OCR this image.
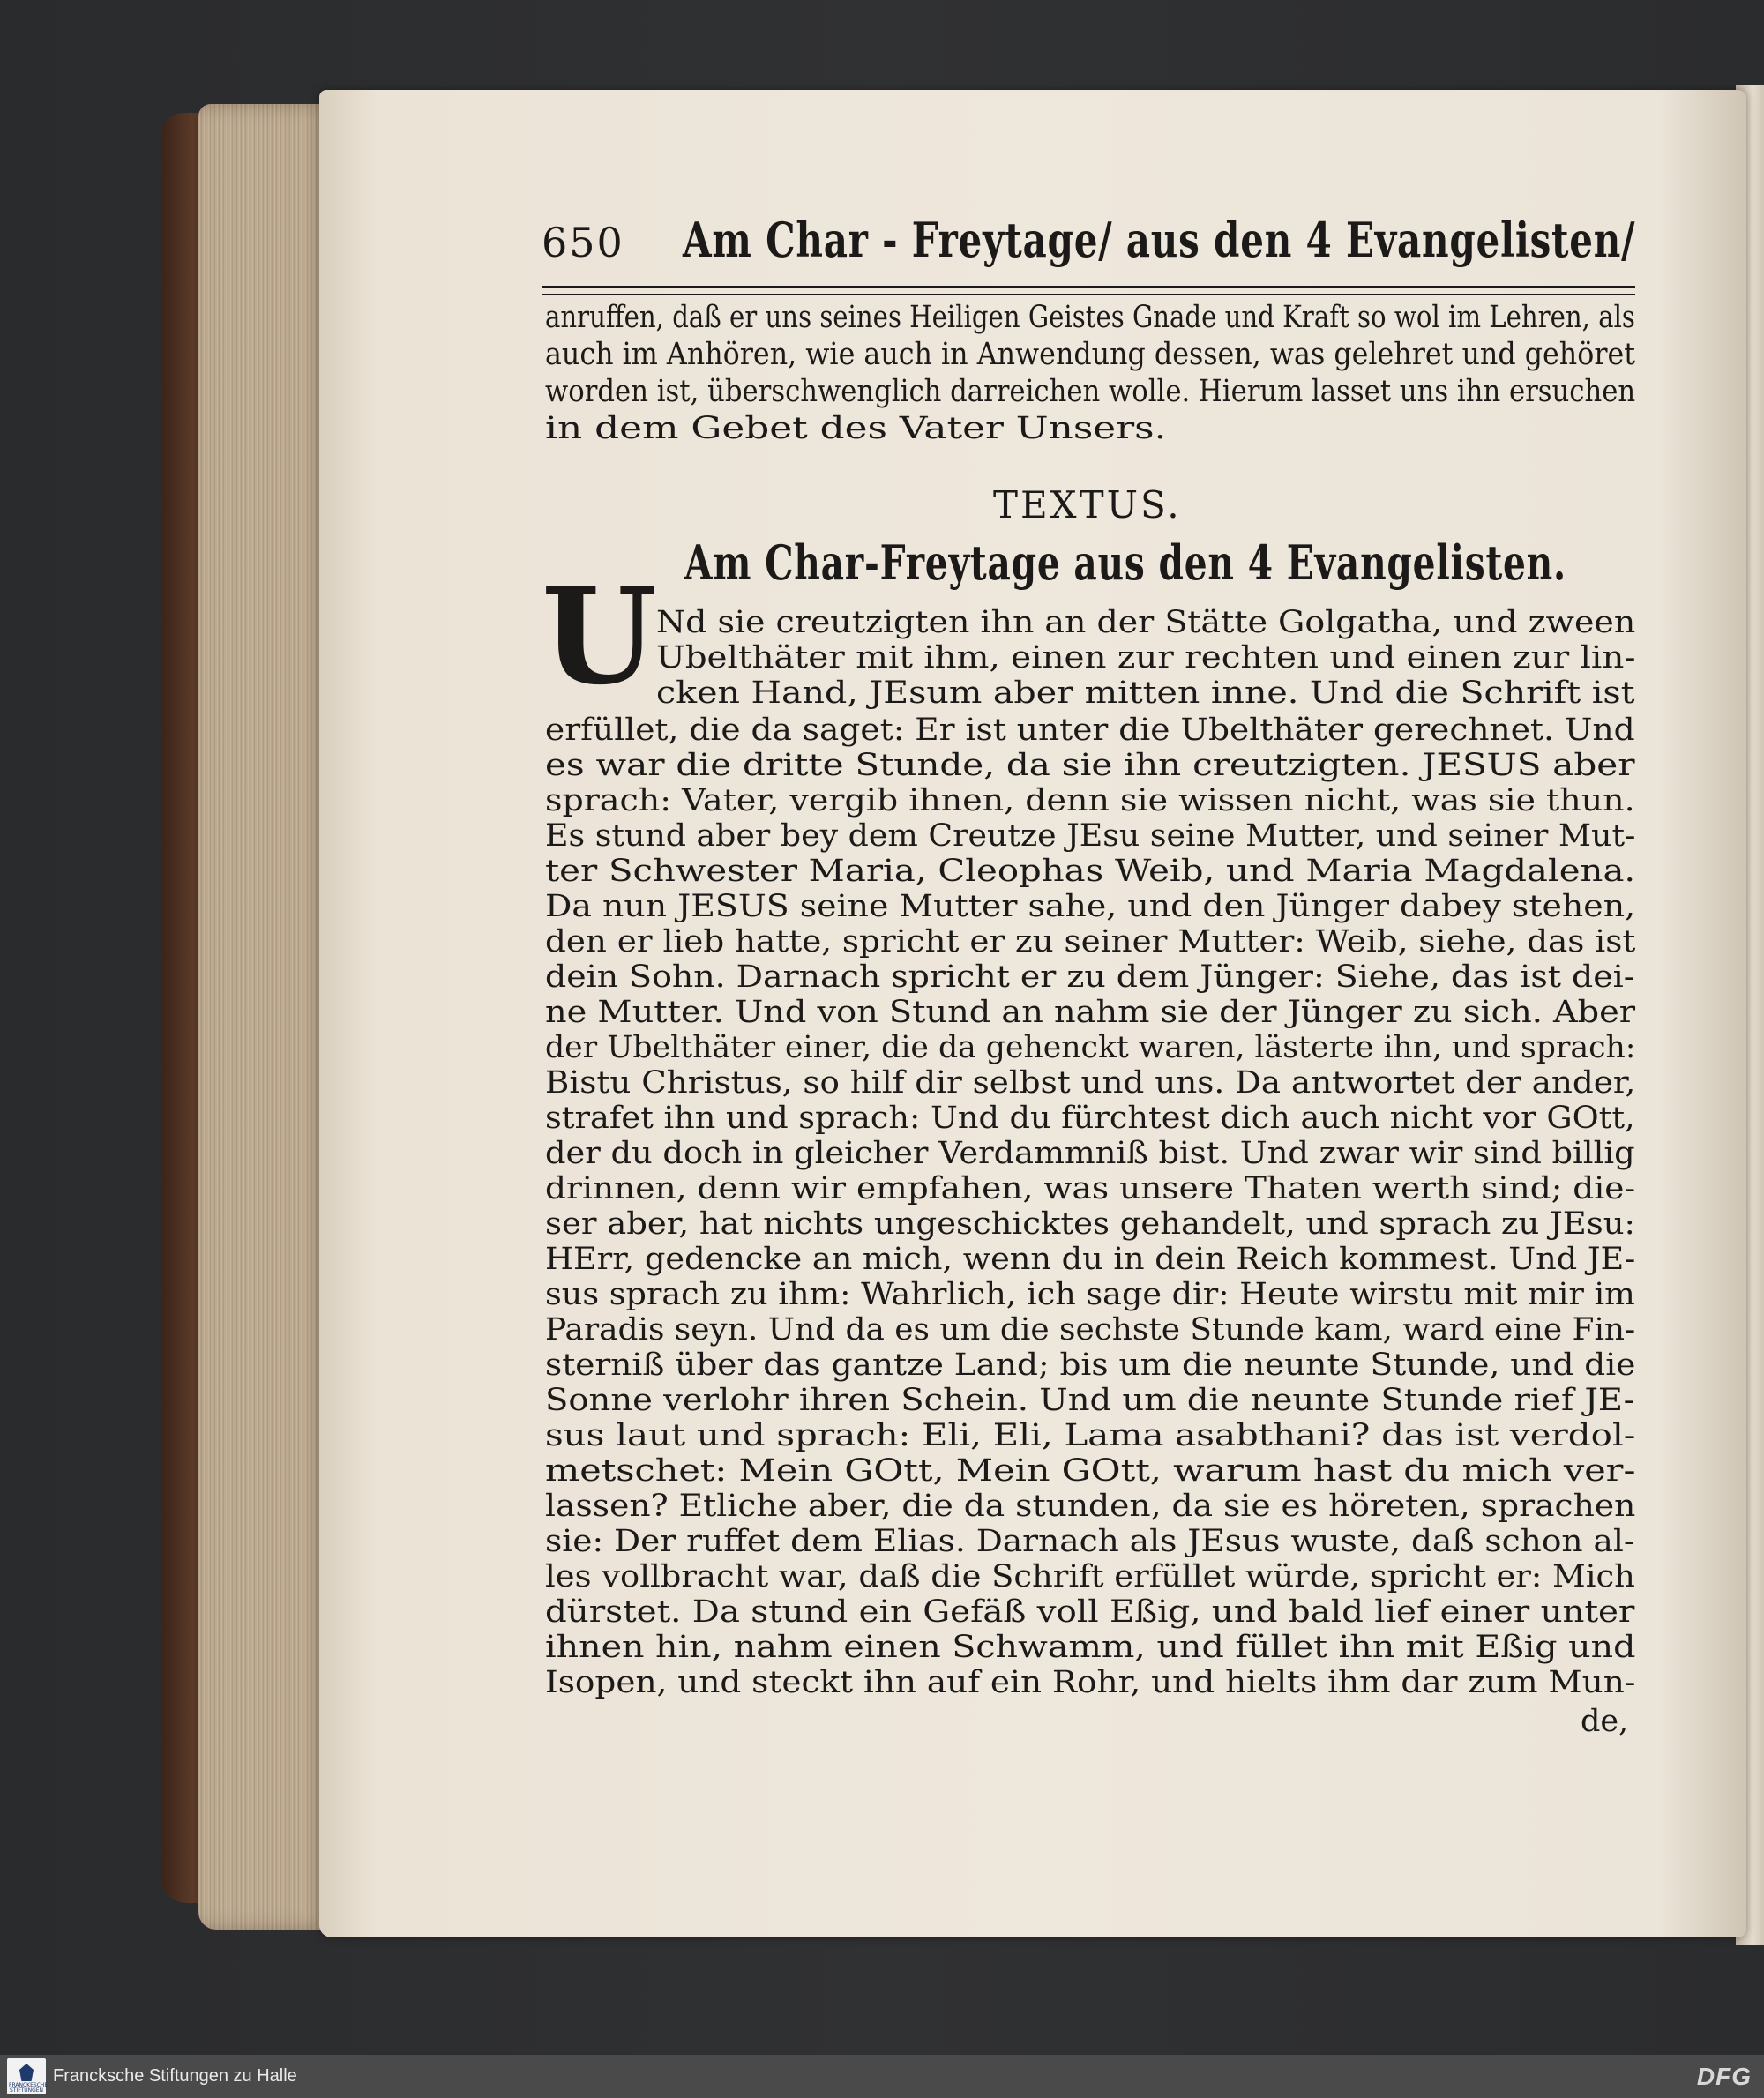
650 Am Char - Freytage/ aus den 4 Evangelisten/
anruffen, daß er uns seines Heiligen Geistes Gnade und Kraft so wol im Lehren, als
auch im Anhören, wie auch in Anwendung dessen, was gelehret und gehöret
worden ist, überschwenglich darreichen wolle. Hierum lasset uns ihn ersuchen
in dem Gebet des Vater Unsers.
TEXTUS.
Am Char-Freytage aus den 4 Evangelisten.
U Nd sie creutzigten ihn an der Stätte Golgatha, und zween
Ubelthäter mit ihm, einen zur rechten und einen zur lin-
cken Hand, JEsum aber mitten inne. Und die Schrift ist
erfüllet, die da saget: Er ist unter die Ubelthäter gerechnet. Und
es war die dritte Stunde, da sie ihn creutzigten. JESUS aber
sprach: Vater, vergib ihnen, denn sie wissen nicht, was sie thun.
Es stund aber bey dem Creutze JEsu seine Mutter, und seiner Mut-
ter Schwester Maria, Cleophas Weib, und Maria Magdalena.
Da nun JESUS seine Mutter sahe, und den Jünger dabey stehen,
den er lieb hatte, spricht er zu seiner Mutter: Weib, siehe, das ist
dein Sohn. Darnach spricht er zu dem Jünger: Siehe, das ist dei-
ne Mutter. Und von Stund an nahm sie der Jünger zu sich. Aber
der Ubelthäter einer, die da gehenckt waren, lästerte ihn, und sprach:
Bistu Christus, so hilf dir selbst und uns. Da antwortet der ander,
strafet ihn und sprach: Und du fürchtest dich auch nicht vor GOtt,
der du doch in gleicher Verdammniß bist. Und zwar wir sind billig
drinnen, denn wir empfahen, was unsere Thaten werth sind; die-
ser aber, hat nichts ungeschicktes gehandelt, und sprach zu JEsu:
HErr, gedencke an mich, wenn du in dein Reich kommest. Und JE-
sus sprach zu ihm: Wahrlich, ich sage dir: Heute wirstu mit mir im
Paradis seyn. Und da es um die sechste Stunde kam, ward eine Fin-
sterniß über das gantze Land; bis um die neunte Stunde, und die
Sonne verlohr ihren Schein. Und um die neunte Stunde rief JE-
sus laut und sprach: Eli, Eli, Lama asabthani? das ist verdol-
metschet: Mein GOtt, Mein GOtt, warum hast du mich ver-
lassen? Etliche aber, die da stunden, da sie es höreten, sprachen
sie: Der ruffet dem Elias. Darnach als JEsus wuste, daß schon al-
les vollbracht war, daß die Schrift erfüllet würde, spricht er: Mich
dürstet. Da stund ein Gefäß voll Eßig, und bald lief einer unter
ihnen hin, nahm einen Schwamm, und füllet ihn mit Eßig und
Isopen, und steckt ihn auf ein Rohr, und hielts ihm dar zum Mun-
de,
FRANCKESCHE STIFTUNGEN
Francksche Stiftungen zu Halle	DFG
